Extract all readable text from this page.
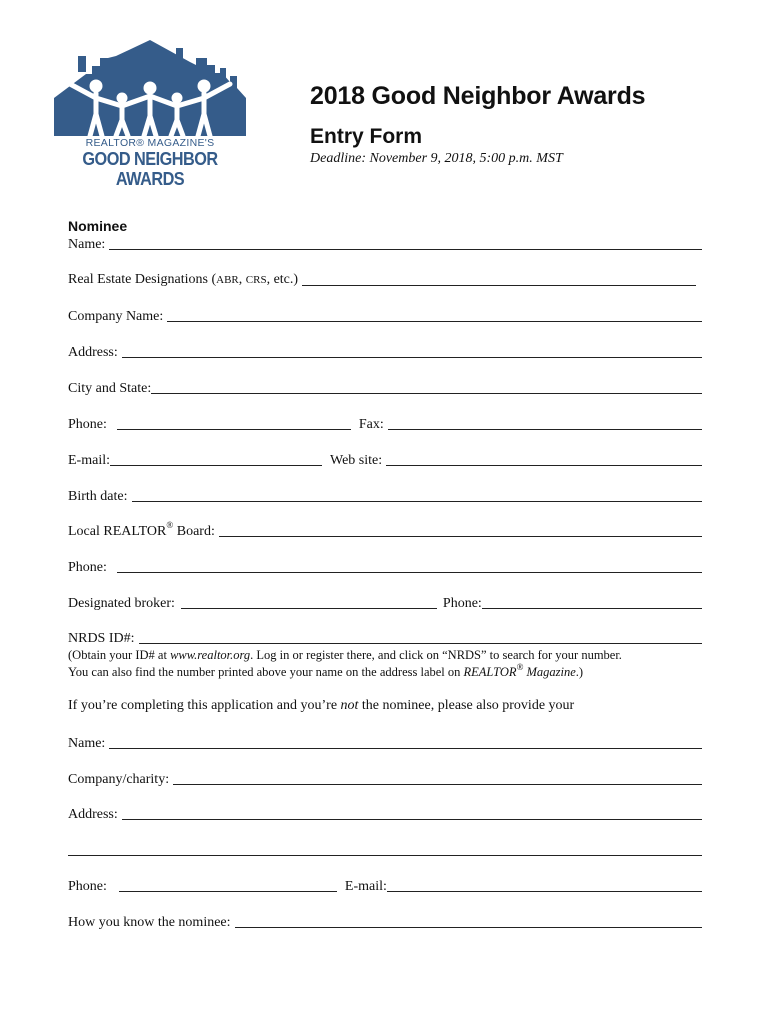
REALTOR® MAGAZINE'S
GOOD NEIGHBOR AWARDS
2018 Good Neighbor Awards
Entry Form
Deadline: November 9, 2018, 5:00 p.m. MST
Nominee
Name:
Real Estate Designations (ABR, CRS, etc.)
Company Name:
Address:
City and State:
Phone:	Fax:
E-mail:	Web site:
Birth date:
Local REALTOR® Board:
Phone:
Designated broker:	Phone:
NRDS ID#:
(Obtain your ID# at www.realtor.org. Log in or register there, and click on “NRDS” to search for your number.
You can also find the number printed above your name on the address label on REALTOR® Magazine.)
If you’re completing this application and you’re not the nominee, please also provide your
Name:
Company/charity:
Address:
Phone:	E-mail:
How you know the nominee:
